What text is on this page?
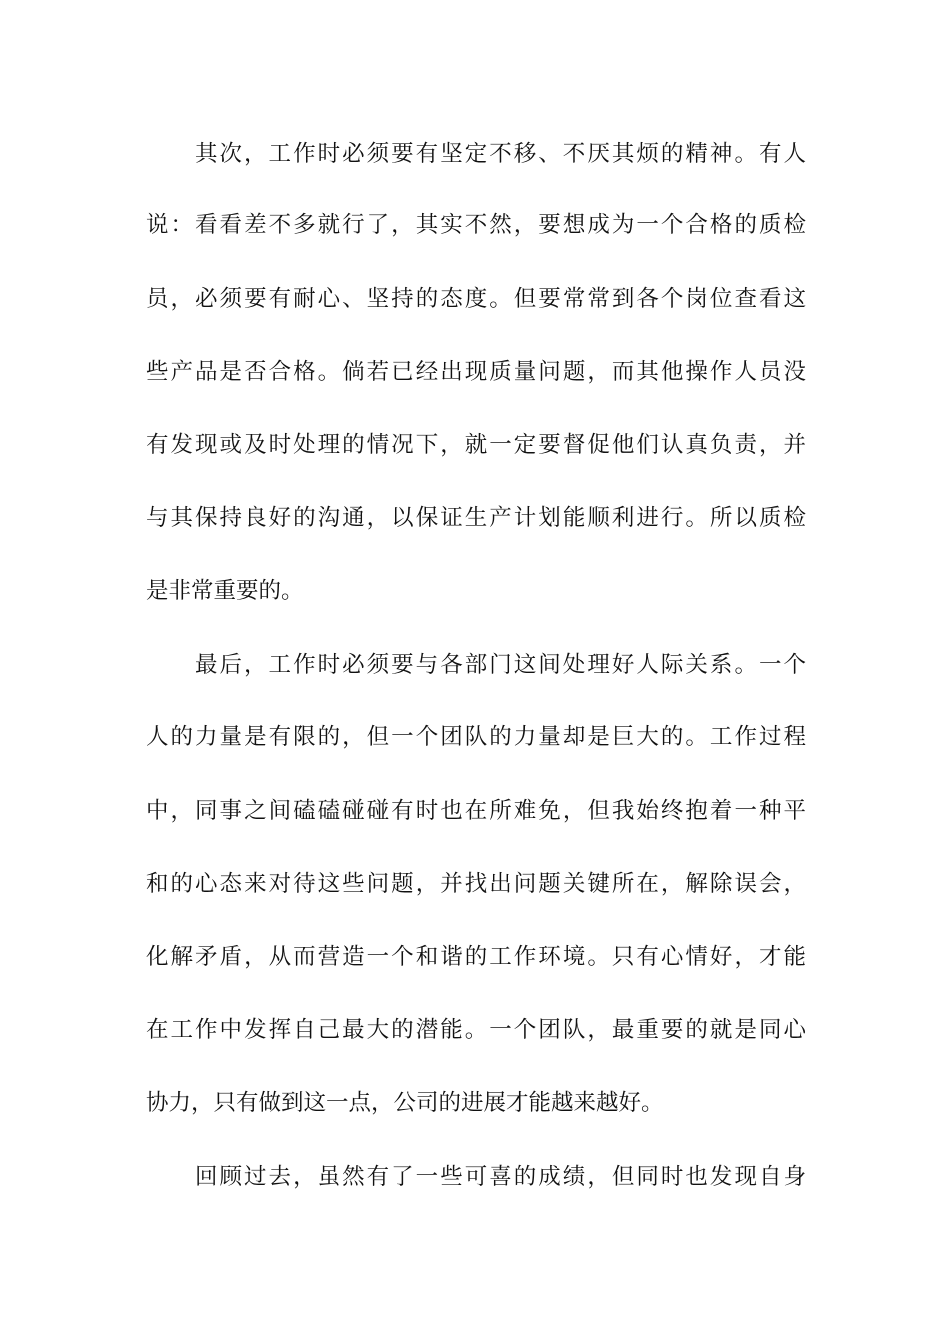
其次，工作时必须要有坚定不移、不厌其烦的精神。有人
说：看看差不多就行了，其实不然，要想成为一个合格的质检
员，必须要有耐心、坚持的态度。但要常常到各个岗位查看这
些产品是否合格。倘若已经出现质量问题，而其他操作人员没
有发现或及时处理的情况下，就一定要督促他们认真负责，并
与其保持良好的沟通，以保证生产计划能顺利进行。所以质检
是非常重要的。
最后，工作时必须要与各部门这间处理好人际关系。一个
人的力量是有限的，但一个团队的力量却是巨大的。工作过程
中，同事之间磕磕碰碰有时也在所难免，但我始终抱着一种平
和的心态来对待这些问题，并找出问题关键所在，解除误会，
化解矛盾，从而营造一个和谐的工作环境。只有心情好，才能
在工作中发挥自己最大的潜能。一个团队，最重要的就是同心
协力，只有做到这一点，公司的进展才能越来越好。
回顾过去，虽然有了一些可喜的成绩，但同时也发现自身
